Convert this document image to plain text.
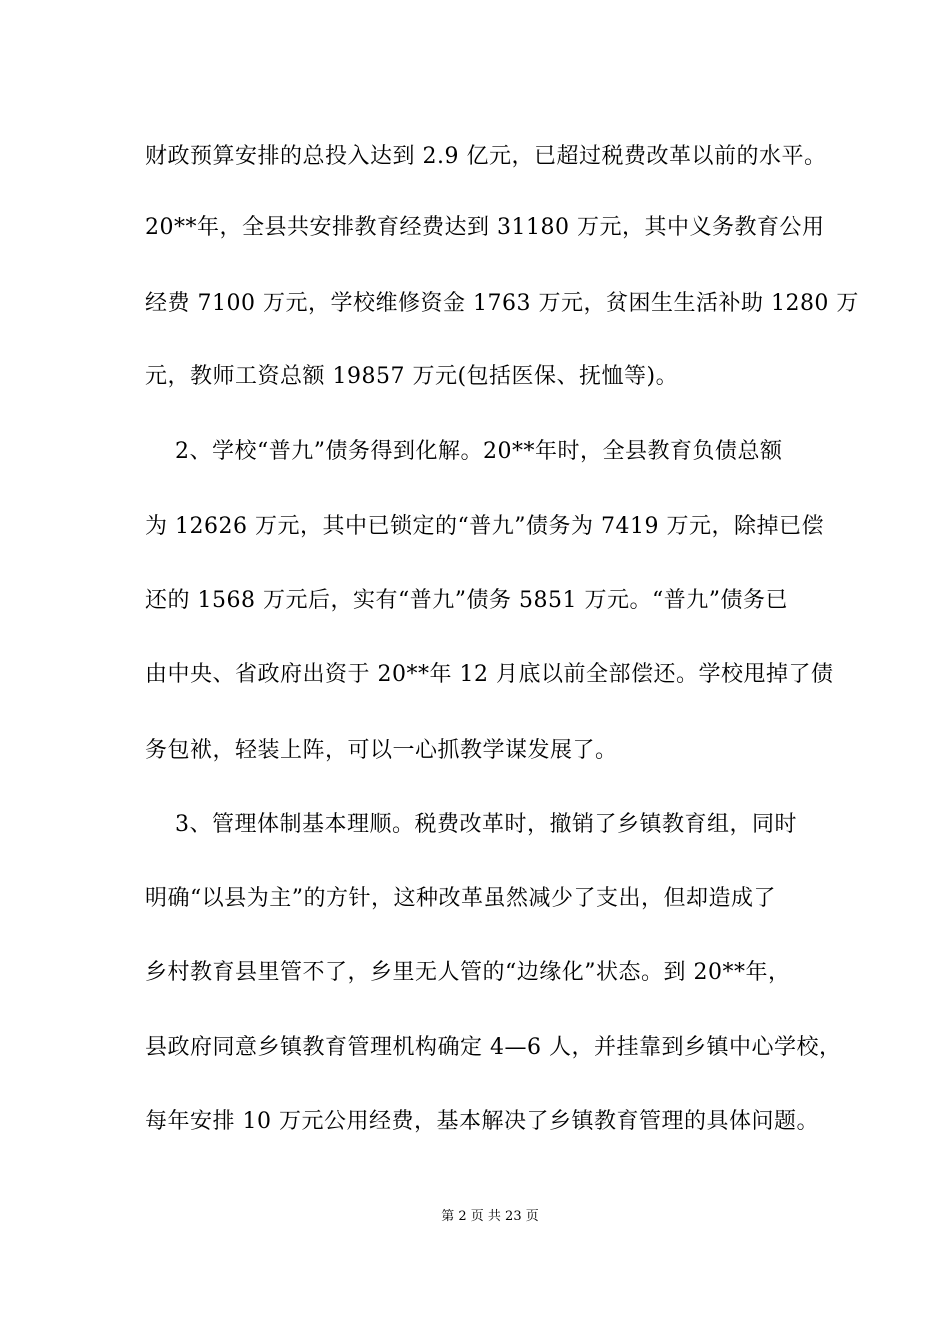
财政预算安排的总投入达到 2.9 亿元，已超过税费改革以前的水平。
20**年，全县共安排教育经费达到 31180 万元，其中义务教育公用
经费 7100 万元，学校维修资金 1763 万元，贫困生生活补助 1280 万
元，教师工资总额 19857 万元(包括医保、抚恤等)。
2、学校“普九”债务得到化解。20**年时，全县教育负债总额
为 12626 万元，其中已锁定的“普九”债务为 7419 万元，除掉已偿
还的 1568 万元后，实有“普九”债务 5851 万元。“普九”债务已
由中央、省政府出资于 20**年 12 月底以前全部偿还。学校甩掉了债
务包袱，轻装上阵，可以一心抓教学谋发展了。
3、管理体制基本理顺。税费改革时，撤销了乡镇教育组，同时
明确“以县为主”的方针，这种改革虽然减少了支出，但却造成了
乡村教育县里管不了，乡里无人管的“边缘化”状态。到 20**年，
县政府同意乡镇教育管理机构确定 4—6 人，并挂靠到乡镇中心学校，
每年安排 10 万元公用经费，基本解决了乡镇教育管理的具体问题。
第 2 页 共 23 页
